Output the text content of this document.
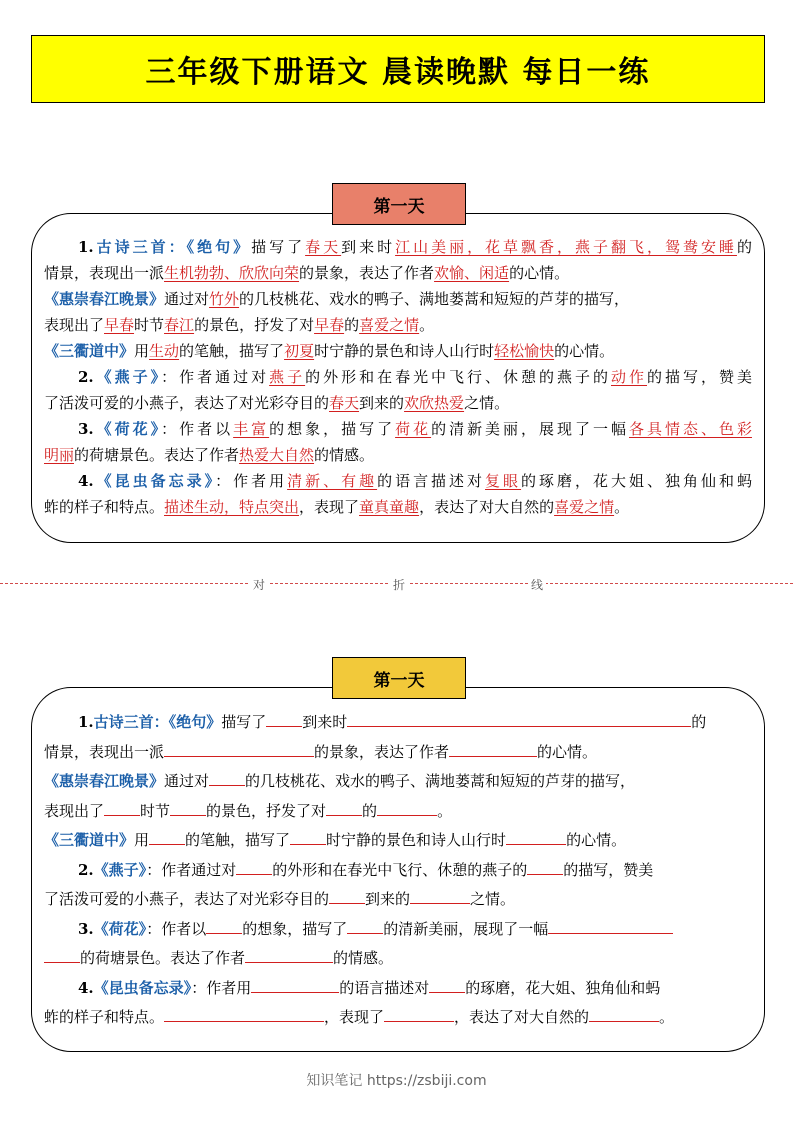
三年级下册语文 晨读晚默 每日一练
第一天

1.古诗三首：《绝句》描写了春天到来时江山美丽，花草飘香，燕子翻飞，鸳鸯安睡的

情景，表现出一派生机勃勃、欣欣向荣的景象，表达了作者欢愉、闲适的心情。

《惠崇春江晚景》通过对竹外的几枝桃花、戏水的鸭子、满地蒌蒿和短短的芦芽的描写，

表现出了早春时节春江的景色，抒发了对早春的喜爱之情。

《三衢道中》用生动的笔触，描写了初夏时宁静的景色和诗人山行时轻松愉快的心情。

2.《燕子》：作者通过对燕子的外形和在春光中飞行、休憩的燕子的动作的描写，赞美

了活泼可爱的小燕子，表达了对光彩夺目的春天到来的欢欣热爱之情。

3.《荷花》：作者以丰富的想象，描写了荷花的清新美丽，展现了一幅各具情态、色彩

明丽的荷塘景色。表达了作者热爱大自然的情感。

4.《昆虫备忘录》：作者用清新、有趣的语言描述对复眼的琢磨，花大姐、独角仙和蚂

蚱的样子和特点。描述生动，特点突出，表现了童真童趣，表达了对大自然的喜爱之情。

对	折	线
第一天

1.古诗三首：《绝句》描写了 到来时	的

情景，表现出一派	的景象，表达了作者	的心情。

《惠崇春江晚景》通过对 的几枝桃花、戏水的鸭子、满地蒌蒿和短短的芦芽的描写，

表现出了 时节 的景色，抒发了对 的	。

《三衢道中》用 的笔触，描写了 时宁静的景色和诗人山行时	的心情。

2.《燕子》：作者通过对 的外形和在春光中飞行、休憩的燕子的 的描写，赞美

了活泼可爱的小燕子，表达了对光彩夺目的 到来的	之情。

3.《荷花》：作者以 的想象，描写了 的清新美丽，展现了一幅

的荷塘景色。表达了作者	的情感。

4.《昆虫备忘录》：作者用	的语言描述对 的琢磨，花大姐、独角仙和蚂

蚱的样子和特点。	，表现了	，表达了对大自然的	。

知识笔记 https://zsbiji.com
